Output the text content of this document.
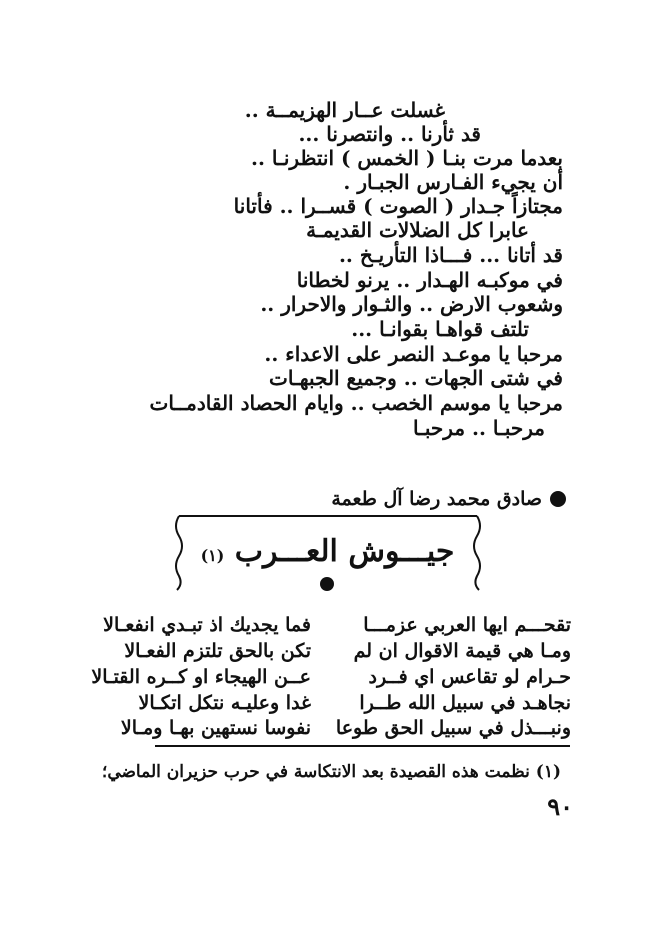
غسلت عــار الهزيمــة ..
قد ثأرنا .. وانتصرنا ...
بعدما مرت بنـا ( الخمس ) انتظرنـا ..
أن يجيء الفـارس الجبـار .
مجتازاً جـدار ( الصوت ) قســرا .. فأتانا
عابرا كل الضلالات القديمـة
قد أتانا ... فـــاذا التأريـخ ..
في موكبـه الهـدار .. يرنو لخطانا
وشعوب الارض .. والثـوار والاحرار ..
تلتف قواهـا بقوانـا ...
مرحبا يا موعـد النصر على الاعداء ..
في شتى الجهات .. وجميع الجبهـات
مرحبا يا موسم الخصب .. وايام الحصاد القادمــات
مرحبـا .. مرحبـا
صادق محمد رضا آل طعمة
جيـــوش العـــرب (١)
تقحـــم ايها العربي عزمـــا
فما يجديك اذ تبـدي انفعـالا
ومـا هي قيمة الاقوال ان لم
تكن بالحق تلتزم الفعـالا
حـرام لو تقاعس اي فــرد
عــن الهيجاء او كــره القتـالا
نجاهـد في سبيل الله طــرا
غدا وعليـه نتكل اتكـالا
ونبـــذل في سبيل الحق طوعا
نفوسا نستهين بهـا ومـالا
(١) نظمت هذه القصيدة بعد الانتكاسة في حرب حزيران الماضي؛
٩٠
